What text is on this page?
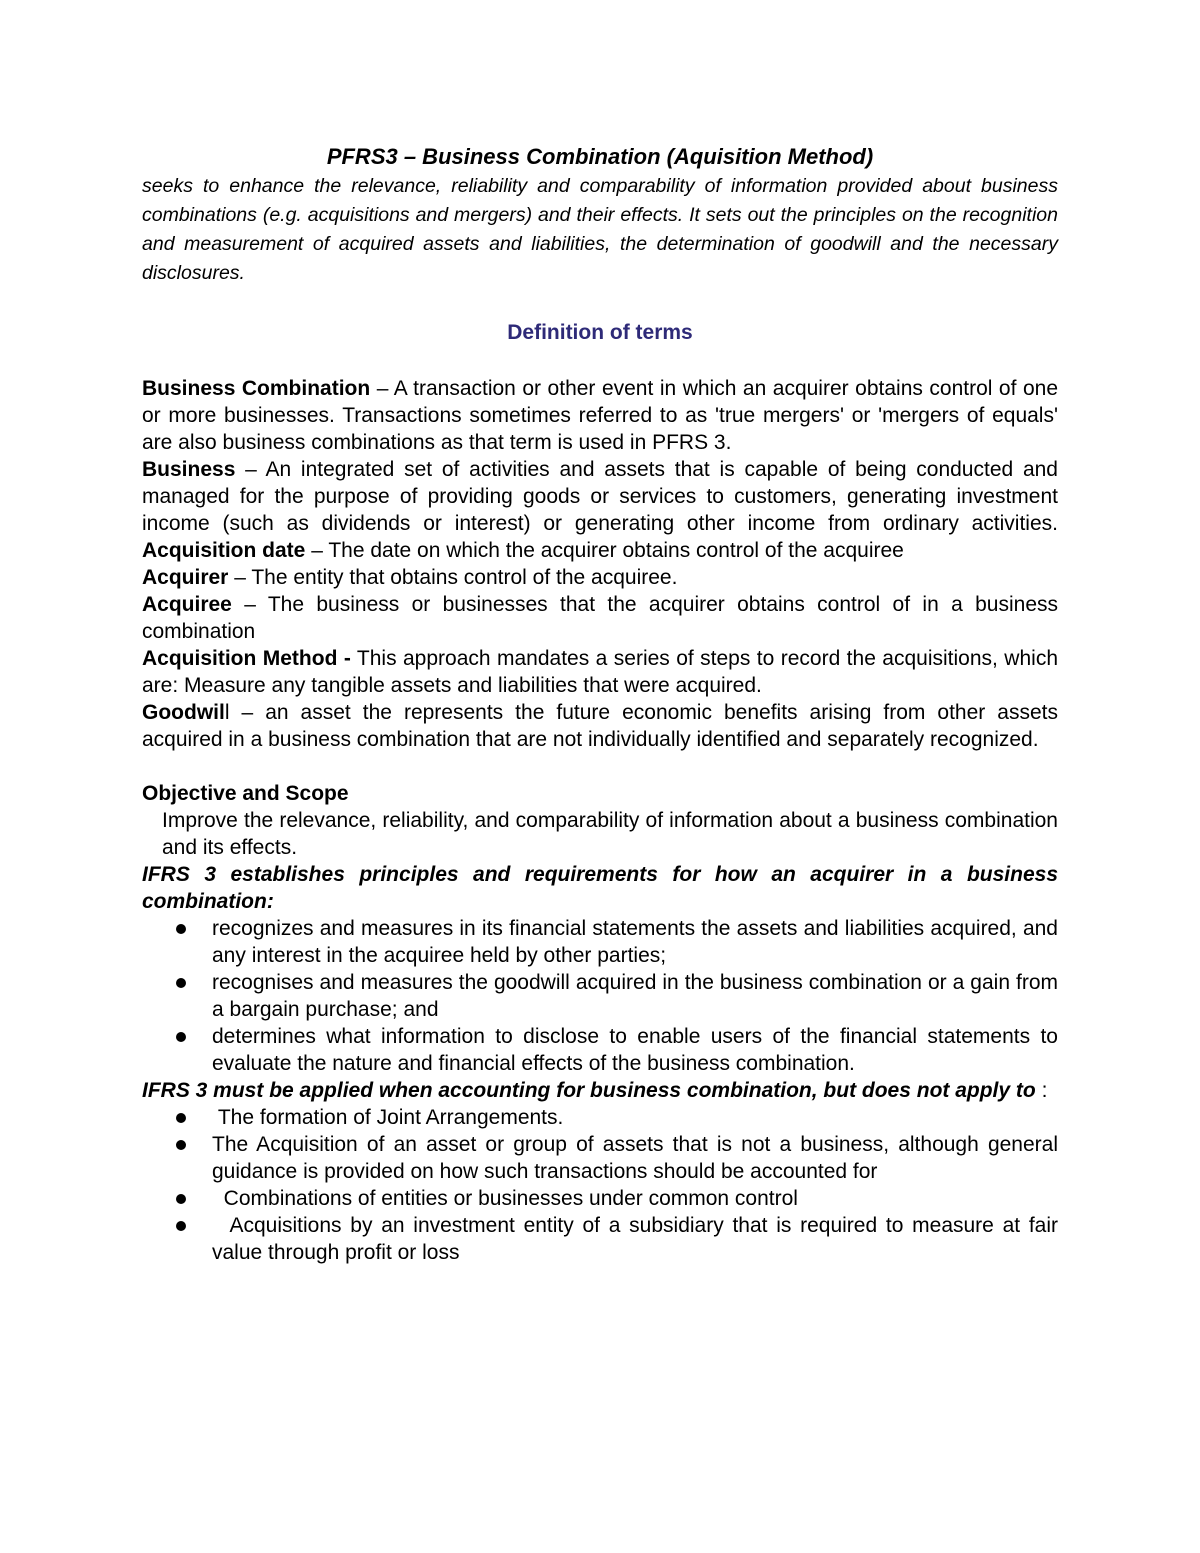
PFRS3 – Business Combination (Aquisition Method)

seeks to enhance the relevance, reliability and comparability of information provided about business combinations (e.g. acquisitions and mergers) and their effects. It sets out the principles on the recognition and measurement of acquired assets and liabilities, the determination of goodwill and the necessary disclosures.

Definition of terms

Business Combination – A transaction or other event in which an acquirer obtains control of one or more businesses. Transactions sometimes referred to as 'true mergers' or 'mergers of equals' are also business combinations as that term is used in PFRS 3.

Business – An integrated set of activities and assets that is capable of being conducted and managed for the purpose of providing goods or services to customers, generating investment income (such as dividends or interest) or generating other income from ordinary activities. Acquisition date – The date on which the acquirer obtains control of the acquiree

Acquirer – The entity that obtains control of the acquiree.

Acquiree – The business or businesses that the acquirer obtains control of in a business combination

Acquisition Method - This approach mandates a series of steps to record the acquisitions, which are: Measure any tangible assets and liabilities that were acquired.

Goodwill – an asset the represents the future economic benefits arising from other assets acquired in a business combination that are not individually identified and separately recognized.

Objective and Scope

Improve the relevance, reliability, and comparability of information about a business combination and its effects.

IFRS 3 establishes principles and requirements for how an acquirer in a business combination:

recognizes and measures in its financial statements the assets and liabilities acquired, and any interest in the acquiree held by other parties;
recognises and measures the goodwill acquired in the business combination or a gain from a bargain purchase; and
determines what information to disclose to enable users of the financial statements to evaluate the nature and financial effects of the business combination.

IFRS 3 must be applied when accounting for business combination, but does not apply to :

The formation of Joint Arrangements.
The Acquisition of an asset or group of assets that is not a business, although general guidance is provided on how such transactions should be accounted for
Combinations of entities or businesses under common control
Acquisitions by an investment entity of a subsidiary that is required to measure at fair value through profit or loss
